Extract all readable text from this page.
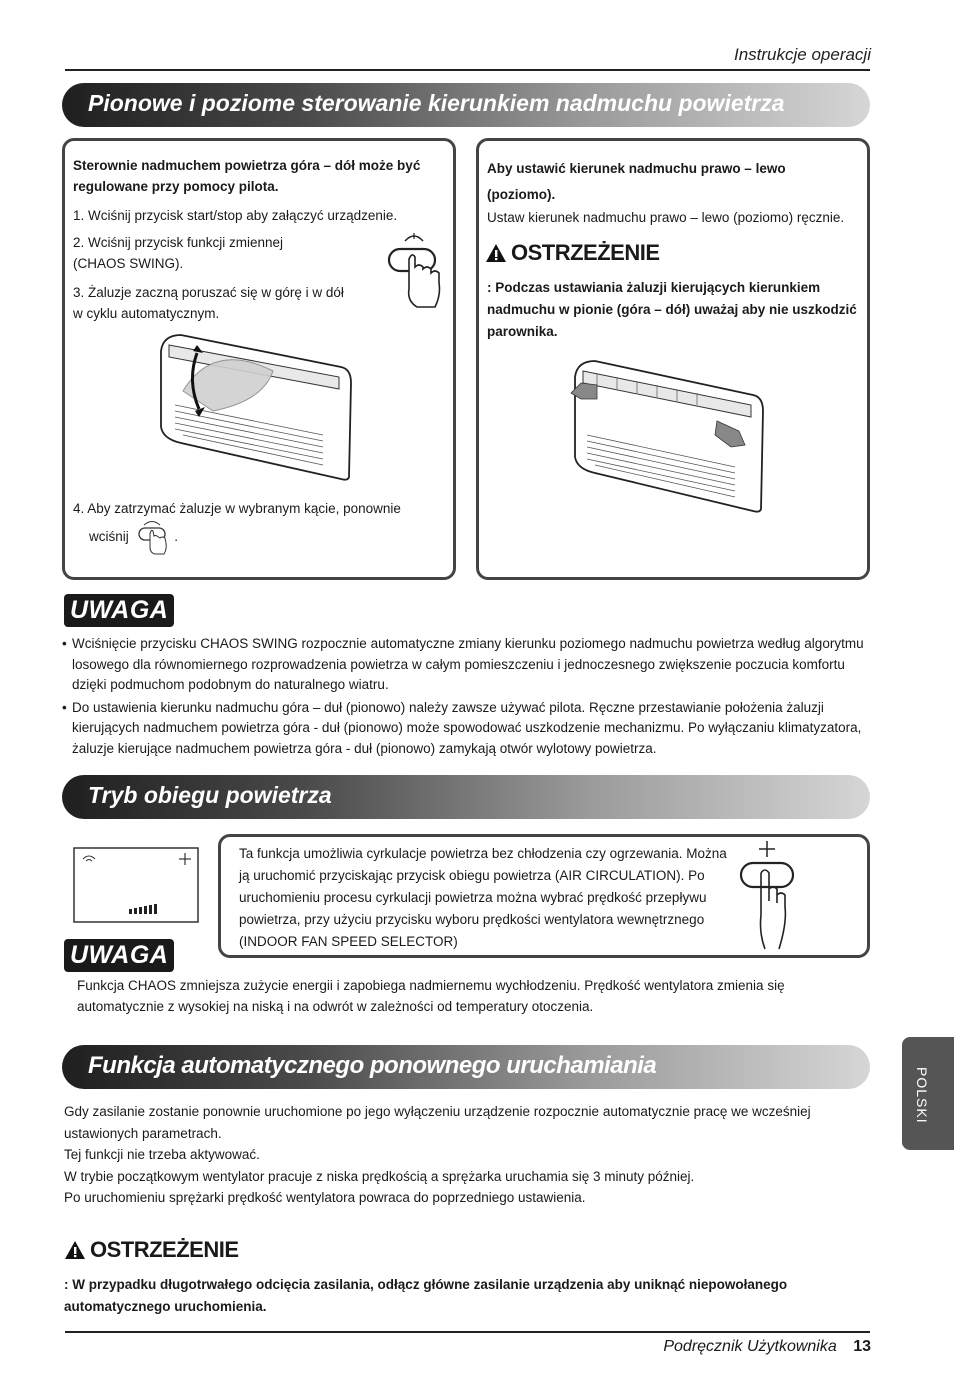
Instrukcje operacji
Pionowe i poziome sterowanie kierunkiem nadmuchu powietrza
Sterownie nadmuchem powietrza góra – dół może być regulowane przy pomocy pilota.
1. Wciśnij przycisk start/stop aby załączyć urządzenie.
2. Wciśnij przycisk funkcji zmiennej (CHAOS SWING).
3. Żaluzje zaczną poruszać się w górę i w dół w cyklu automatycznym.
4. Aby zatrzymać żaluzje w wybranym kącie, ponownie
wciśnij	.
Aby ustawić kierunek nadmuchu prawo – lewo (poziomo).
Ustaw kierunek nadmuchu prawo – lewo (poziomo) ręcznie.
OSTRZEŻENIE
: Podczas ustawiania żaluzji kierujących kierunkiem nadmuchu w pionie (góra – dół) uważaj aby nie uszkodzić parownika.
UWAGA
• Wciśnięcie przycisku CHAOS SWING rozpocznie automatyczne zmiany kierunku poziomego nadmuchu powietrza według algorytmu losowego dla równomiernego rozprowadzenia powietrza w całym pomieszczeniu i jednoczesnego zwiększenie poczucia komfortu dzięki podmuchom podobnym do naturalnego wiatru.
• Do ustawienia kierunku nadmuchu góra – duł (pionowo) należy zawsze używać pilota. Ręczne przestawianie położenia żaluzji kierujących nadmuchem powietrza góra - duł (pionowo) może spowodować uszkodzenie mechanizmu. Po wyłączaniu klimatyzatora, żaluzje kierujące nadmuchem powietrza góra - duł (pionowo) zamykają otwór wylotowy powietrza.
Tryb obiegu powietrza
Ta funkcja umożliwia cyrkulacje powietrza bez chłodzenia czy ogrzewania. Można ją uruchomić przyciskając przycisk obiegu powietrza (AIR CIRCULATION). Po uruchomieniu procesu cyrkulacji powietrza można wybrać prędkość przepływu powietrza, przy użyciu przycisku wyboru prędkości wentylatora wewnętrznego (INDOOR FAN SPEED SELECTOR)
UWAGA
Funkcja CHAOS zmniejsza zużycie energii i zapobiega nadmiernemu wychłodzeniu. Prędkość wentylatora zmienia się automatycznie z wysokiej na niską i na odwrót w zależności od temperatury otoczenia.
Funkcja automatycznego ponownego uruchamiania
Gdy zasilanie zostanie ponownie uruchomione po jego wyłączeniu urządzenie rozpocznie automatycznie pracę we wcześniej ustawionych parametrach.
Tej funkcji nie trzeba aktywować.
W trybie początkowym wentylator pracuje z niska prędkością a sprężarka uruchamia się 3 minuty później.
Po uruchomieniu sprężarki prędkość wentylatora powraca do poprzedniego ustawienia.
OSTRZEŻENIE
: W przypadku długotrwałego odcięcia zasilania, odłącz główne zasilanie urządzenia aby uniknąć niepowołanego automatycznego uruchomienia.
POLSKI
Podręcznik Użytkownika 13
